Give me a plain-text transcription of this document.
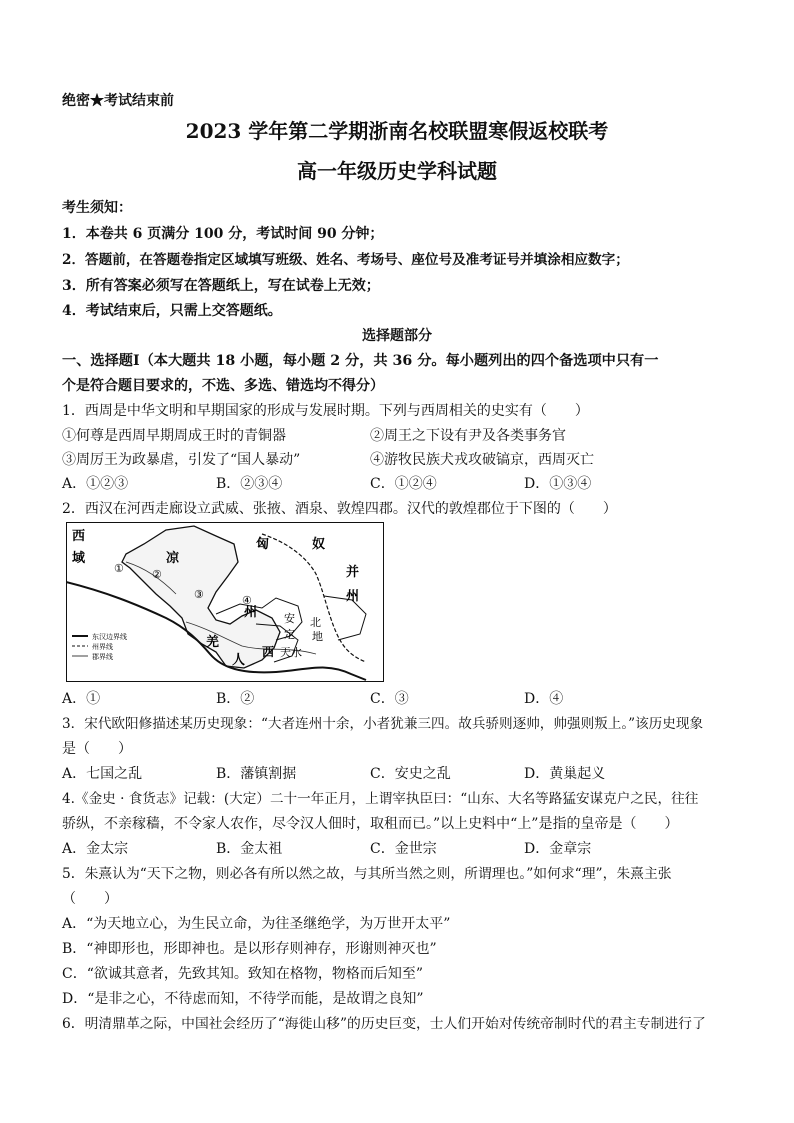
绝密★考试结束前
2023 学年第二学期浙南名校联盟寒假返校联考
高一年级历史学科试题
考生须知：
1．本卷共 6 页满分 100 分，考试时间 90 分钟；
2．答题前，在答题卷指定区域填写班级、姓名、考场号、座位号及准考证号并填涂相应数字；
3．所有答案必须写在答题纸上，写在试卷上无效；
4．考试结束后，只需上交答题纸。
选择题部分
一、选择题Ⅰ（本大题共 18 小题，每小题 2 分，共 36 分。每小题列出的四个备选项中只有一
个是符合题目要求的，不选、多选、错选均不得分）
1．西周是中华文明和早期国家的形成与发展时期。下列与西周相关的史实有（　　）
①何尊是西周早期周成王时的青铜器	②周王之下设有尹及各类事务官
③周厉王为政暴虐，引发了“国人暴动”	④游牧民族犬戎攻破镐京，西周灭亡
A．①②③	B．②③④	C．①②④	D．①③④
2．西汉在河西走廊设立武威、张掖、酒泉、敦煌四郡。汉代的敦煌郡位于下图的（　　）
西
域	凉
匈	奴
并
州
州 安 北
地
定
羌
人
西 天水
①	②
③	④
东汉边界线
州界线
郡界线
A．①	B．②	C．③	D．④
3．宋代欧阳修描述某历史现象：“大者连州十余，小者犹兼三四。故兵骄则逐帅，帅强则叛上。”该历史现象
是（　　）
A．七国之乱	B．藩镇割据	C．安史之乱	D．黄巢起义
4.《金史 · 食货志》记载：(大定）二十一年正月，上谓宰执臣曰：“山东、大名等路猛安谋克户之民，往往
骄纵，不亲稼穑，不令家人农作，尽令汉人佃时，取租而已。”以上史料中“上”是指的皇帝是（　　）
A．金太宗	B．金太祖	C．金世宗	D．金章宗
5．朱熹认为“天下之物，则必各有所以然之故，与其所当然之则，所谓理也。”如何求“理”，朱熹主张
（　　）
A．“为天地立心，为生民立命，为往圣继绝学，为万世开太平”
B．“神即形也，形即神也。是以形存则神存，形谢则神灭也”
C．“欲诚其意者，先致其知。致知在格物，物格而后知至”
D．“是非之心，不待虑而知，不待学而能，是故谓之良知”
6．明清鼎革之际，中国社会经历了“海徙山移”的历史巨变，士人们开始对传统帝制时代的君主专制进行了
